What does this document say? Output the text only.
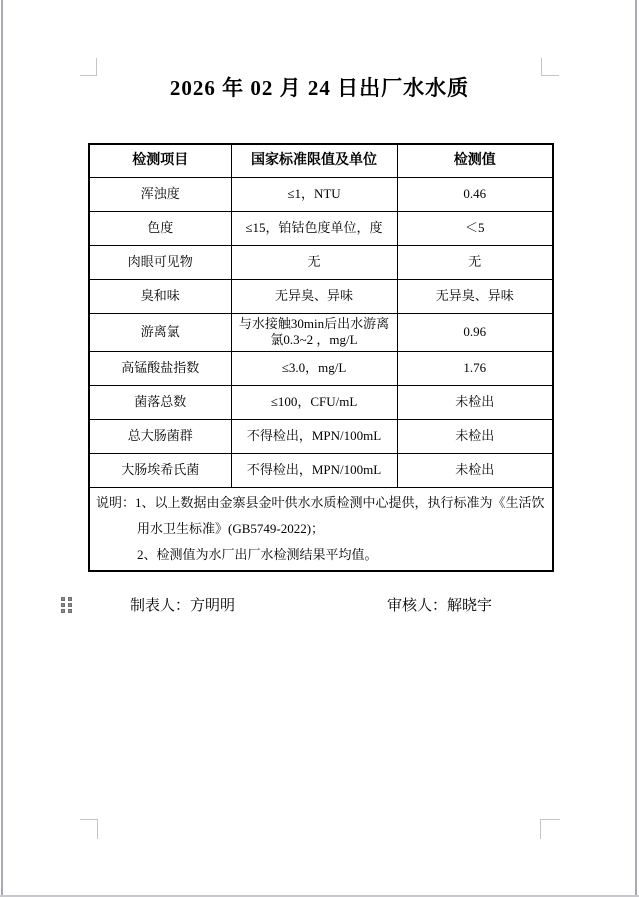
2026 年 02 月 24 日出厂水水质
检测项目	国家标准限值及单位	检测值
浑浊度	≤1，NTU	0.46
色度	≤15，铂钴色度单位，度	＜5
肉眼可见物	无	无
臭和味	无异臭、异味	无异臭、异味
游离氯	与水接触30min后出水游离氯0.3~2 ，mg/L	0.96
高锰酸盐指数	≤3.0，mg/L	1.76
菌落总数	≤100，CFU/mL	未检出
总大肠菌群	不得检出，MPN/100mL	未检出
大肠埃希氏菌	不得检出，MPN/100mL	未检出

说明：1、以上数据由金寨县金叶供水水质检测中心提供，执行标准为《生活饮
用水卫生标准》(GB5749-2022)；
2、检测值为水厂出厂水检测结果平均值。		
制表人：方明明	审核人：解晓宇
